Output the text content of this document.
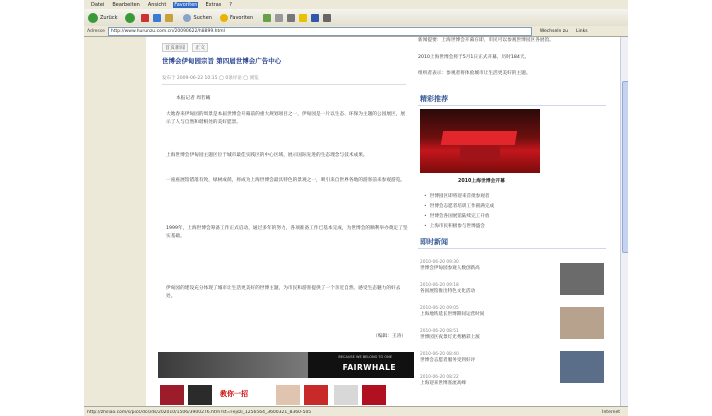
Datei Bearbeiten Ansicht Favoriten Extras ?
Zurück	Suchen	Favoriten
Adresse	http://www.hurunzu.com.cn/20090622/h8899.html	Wechseln zu Links
首页新闻	正文
世博会伊甸园宗旨 第四届世博会广告中心
发布于 2009-06-22 10:15 ◯ 0条评论 ◯ 浏览
本报记者 周若曦
大地春来伊甸园的周景是本届世博会开幕前的重大规划项目之一，伊甸园是一片以生态、环保为主题的公园展区，展示了人与自然和谐相处的美好愿景。
上海世博会伊甸园主题区位于城市最佳实践区的中心区域，展示国际先进的生态理念与技术成果。
一座座展馆错落有致，绿树成荫，将成为上海世博会最具特色的景观之一，吸引来自世界各地的游客前来参观游览。
1999年，上海世博会筹备工作正式启动，通过多年的努力，各项准备工作已基本完成，为世博会的顺利举办奠定了坚实基础。
伊甸园的建设充分体现了城市让生活更美好的世博主题，为市民和游客提供了一个亲近自然、感受生态魅力的好去处。
（编辑：王涛）
BECAUSE WE BELONG TO ONE
FAIRWHALE
教你一招
新闻提要：上海世博会开幕在即，市民可以参观世博园区各展馆。
2010上海世博会将于5月1日正式开幕，历时184天。
组织者表示：参观者将体验城市让生活更美好的主题。
精彩推荐
2010上海世博会开幕
• 世博园区即将迎来首批参观者
• 世博会志愿者培训工作圆满完成
• 世博会各国展馆陆续完工开放
• 上海市民积极参与世博盛会
即时新闻
2010-06-20 09:30
世博会伊甸园参观人数创新高
2010-06-20 09:18
各国展馆推出特色文化活动
2010-06-20 09:05
上海地铁延长世博期间运营时间
2010-06-20 08:51
世博园区夜景灯光秀精彩上演
2010-06-20 08:40
世博会志愿者服务受到好评
2010-06-20 08:22
上海迎来世博客流高峰
http://zhiliao.com/s/pics/dcs/ds/202010/1506/3900276.htm?st=Fejszi_1256564_3600321_8360-505	Internet
